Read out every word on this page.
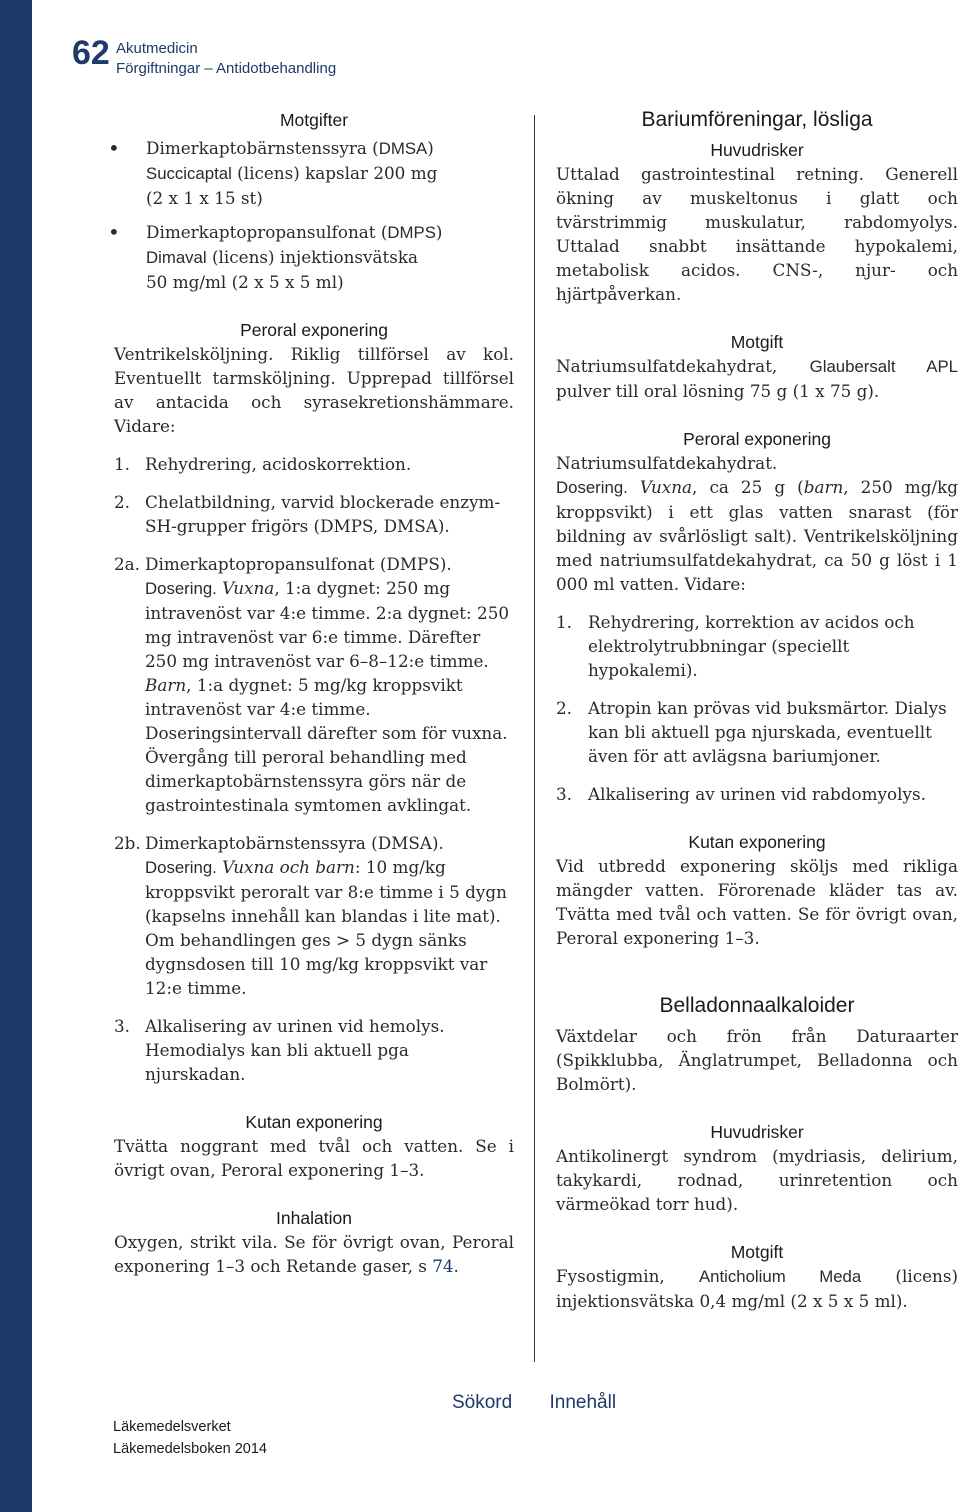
62 Akutmedicin
Förgiftningar – Antidotbehandling
Motgifter
• Dimerkaptobärnstenssyra (DMSA)
Succicaptal (licens) kapslar 200 mg
(2 x 1 x 15 st)
• Dimerkaptopropansulfonat (DMPS)
Dimaval (licens) injektionsvätska
50 mg/ml (2 x 5 x 5 ml)
Peroral exponering

Ventrikelsköljning. Riklig tillförsel av kol. Eventuellt tarmsköljning. Upprepad tillförsel av antacida och syrasekretionshämmare. Vidare:

1. Rehydrering, acidoskorrektion.
2. Chelatbildning, varvid blockerade enzym-SH-grupper frigörs (DMPS, DMSA).
2a. Dimerkaptopropansulfonat (DMPS).
Dosering. Vuxna, 1:a dygnet: 250 mg intravenöst var 4:e timme. 2:a dygnet: 250 mg intravenöst var 6:e timme. Därefter 250 mg intravenöst var 6–8–12:e timme. Barn, 1:a dygnet: 5 mg/kg kroppsvikt intravenöst var 4:e timme. Doseringsintervall därefter som för vuxna. Övergång till peroral behandling med dimerkaptobärnstenssyra görs när de gastrointestinala symtomen avklingat.
2b. Dimerkaptobärnstenssyra (DMSA).
Dosering. Vuxna och barn: 10 mg/kg kroppsvikt peroralt var 8:e timme i 5 dygn (kapselns innehåll kan blandas i lite mat). Om behandlingen ges > 5 dygn sänks dygnsdosen till 10 mg/kg kroppsvikt var 12:e timme.
3. Alkalisering av urinen vid hemolys. Hemodialys kan bli aktuell pga njurskadan.
Kutan exponering

Tvätta noggrant med tvål och vatten. Se i övrigt ovan, Peroral exponering 1–3.

Inhalation

Oxygen, strikt vila. Se för övrigt ovan, Peroral exponering 1–3 och Retande gaser, s 74.

Bariumföreningar, lösliga
Huvudrisker

Uttalad gastrointestinal retning. Generell ökning av muskeltonus i glatt och tvärstrimmig muskulatur, rabdomyolys. Uttalad snabbt insättande hypokalemi, metabolisk acidos. CNS-, njur- och hjärtpåverkan.

Motgift

Natriumsulfatdekahydrat, Glaubersalt APL pulver till oral lösning 75 g (1 x 75 g).

Peroral exponering

Natriumsulfatdekahydrat.

Dosering. Vuxna, ca 25 g (barn, 250 mg/kg kroppsvikt) i ett glas vatten snarast (för bildning av svårlösligt salt). Ventrikelsköljning med natriumsulfatdekahydrat, ca 50 g löst i 1 000 ml vatten. Vidare:

1. Rehydrering, korrektion av acidos och elektrolytrubbningar (speciellt hypokalemi).
2. Atropin kan prövas vid buksmärtor. Dialys kan bli aktuell pga njurskada, eventuellt även för att avlägsna bariumjoner.
3. Alkalisering av urinen vid rabdomyolys.
Kutan exponering

Vid utbredd exponering sköljs med rikliga mängder vatten. Förorenade kläder tas av. Tvätta med tvål och vatten. Se för övrigt ovan, Peroral exponering 1–3.

Belladonnaalkaloider

Växtdelar och frön från Daturaarter (Spikklubba, Änglatrumpet, Belladonna och Bolmört).

Huvudrisker

Antikolinergt syndrom (mydriasis, delirium, takykardi, rodnad, urinretention och värmeökad torr hud).

Motgift

Fysostigmin, Anticholium Meda (licens) injektionsvätska 0,4 mg/ml (2 x 5 x 5 ml).

Sökord Innehåll
Läkemedelsverket
Läkemedelsboken 2014
